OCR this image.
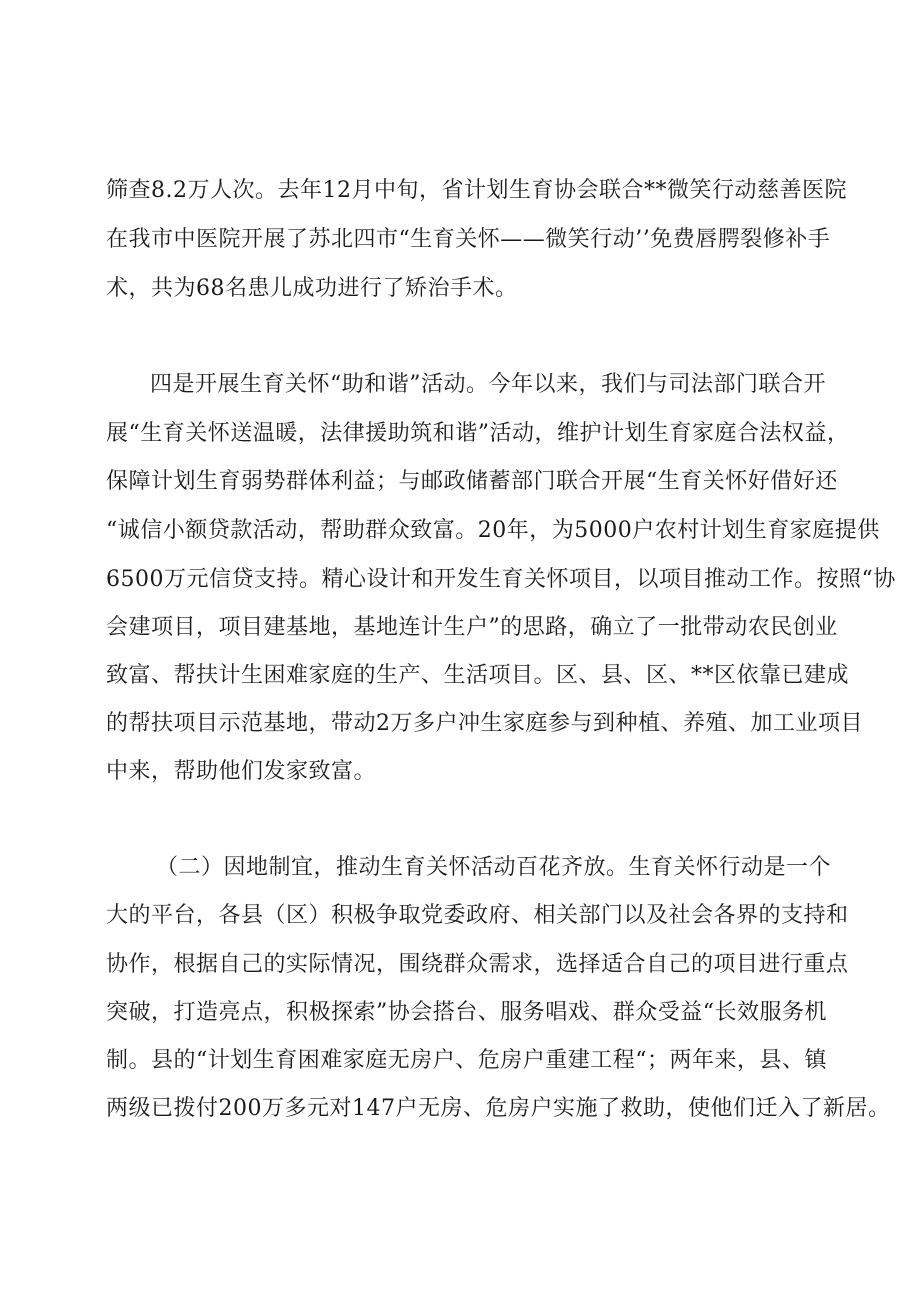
筛查8.2万人次。去年12月中旬，省计划生育协会联合**微笑行动慈善医院
在我市中医院开展了苏北四市“生育关怀——微笑行动’’免费唇腭裂修补手
术，共为68名患儿成功进行了矫治手术。
四是开展生育关怀“助和谐”活动。今年以来，我们与司法部门联合开
展“生育关怀送温暖，法律援助筑和谐”活动，维护计划生育家庭合法权益，
保障计划生育弱势群体利益；与邮政储蓄部门联合开展“生育关怀好借好还
“诚信小额贷款活动，帮助群众致富。20年，为5000户农村计划生育家庭提供
6500万元信贷支持。精心设计和开发生育关怀项目，以项目推动工作。按照“协
会建项目，项目建基地，基地连计生户”的思路，确立了一批带动农民创业
致富、帮扶计生困难家庭的生产、生活项目。区、县、区、**区依靠已建成
的帮扶项目示范基地，带动2万多户冲生家庭参与到种植、养殖、加工业项目
中来，帮助他们发家致富。
（二）因地制宜，推动生育关怀活动百花齐放。生育关怀行动是一个
大的平台，各县（区）积极争取党委政府、相关部门以及社会各界的支持和
协作，根据自己的实际情况，围绕群众需求，选择适合自己的项目进行重点
突破，打造亮点，积极探索”协会搭台、服务唱戏、群众受益“长效服务机
制。县的“计划生育困难家庭无房户、危房户重建工程“；两年来，县、镇
两级已拨付200万多元对147户无房、危房户实施了救助，使他们迁入了新居。
